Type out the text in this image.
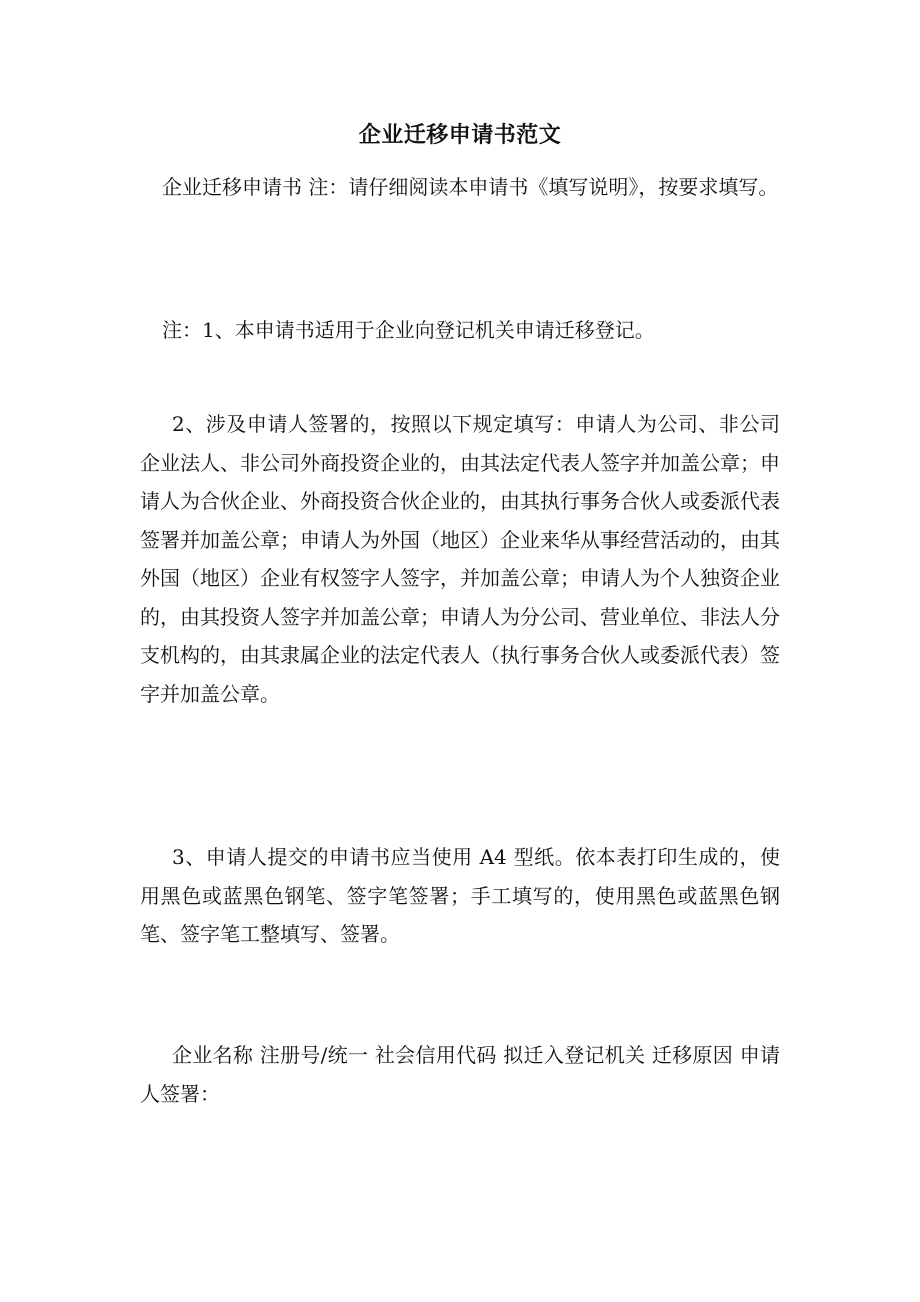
企业迁移申请书范文

企业迁移申请书 注：请仔细阅读本申请书《填写说明》，按要求填写。

注：1、本申请书适用于企业向登记机关申请迁移登记。

2、涉及申请人签署的，按照以下规定填写：申请人为公司、非公司企业法人、非公司外商投资企业的，由其法定代表人签字并加盖公章；申请人为合伙企业、外商投资合伙企业的，由其执行事务合伙人或委派代表签署并加盖公章；申请人为外国（地区）企业来华从事经营活动的，由其外国（地区）企业有权签字人签字，并加盖公章；申请人为个人独资企业的，由其投资人签字并加盖公章；申请人为分公司、营业单位、非法人分支机构的，由其隶属企业的法定代表人（执行事务合伙人或委派代表）签字并加盖公章。

3、申请人提交的申请书应当使用 A4 型纸。依本表打印生成的，使用黑色或蓝黑色钢笔、签字笔签署；手工填写的，使用黑色或蓝黑色钢笔、签字笔工整填写、签署。

企业名称 注册号/统一 社会信用代码 拟迁入登记机关 迁移原因 申请人签署：
